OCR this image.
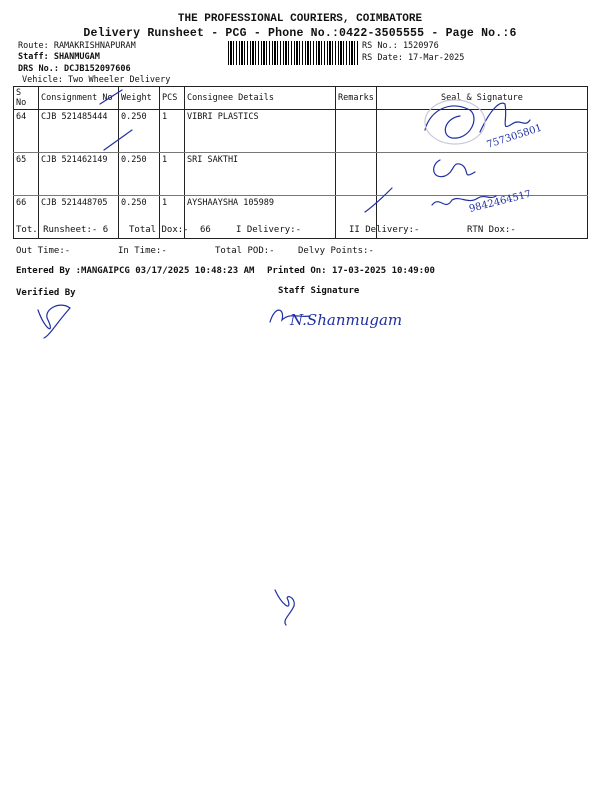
THE PROFESSIONAL COURIERS, COIMBATORE
Delivery Runsheet - PCG - Phone No.:0422-3505555 - Page No.:6
Route: RAMAKRISHNAPURAM
Staff: SHANMUGAM
DRS No.: DCJB152097606
Vehicle: Two Wheeler Delivery
RS No.: 1520976
RS Date: 17-Mar-2025
S No	Consignment No	Weight	PCS	Consignee Details	Remarks	Seal & Signature
64	CJB 521485444	0.250	1	VIBRI PLASTICS		
65	CJB 521462149	0.250	1	SRI SAKTHI		
66	CJB 521448705	0.250	1	AYSHAAYSHA 105989		
Tot. Runsheet:- 6 Total Dox:- 66	I Delivery:-	II Delivery:-	RTN Dox:-
Out Time:-	In Time:-	Total POD:-	Delvy Points:-
Entered By :MANGAIPCG 03/17/2025 10:48:23 AM Printed On: 17-03-2025 10:49:00
Verified By	Staff Signature
757305801
9842464517
N.Shanmugam
